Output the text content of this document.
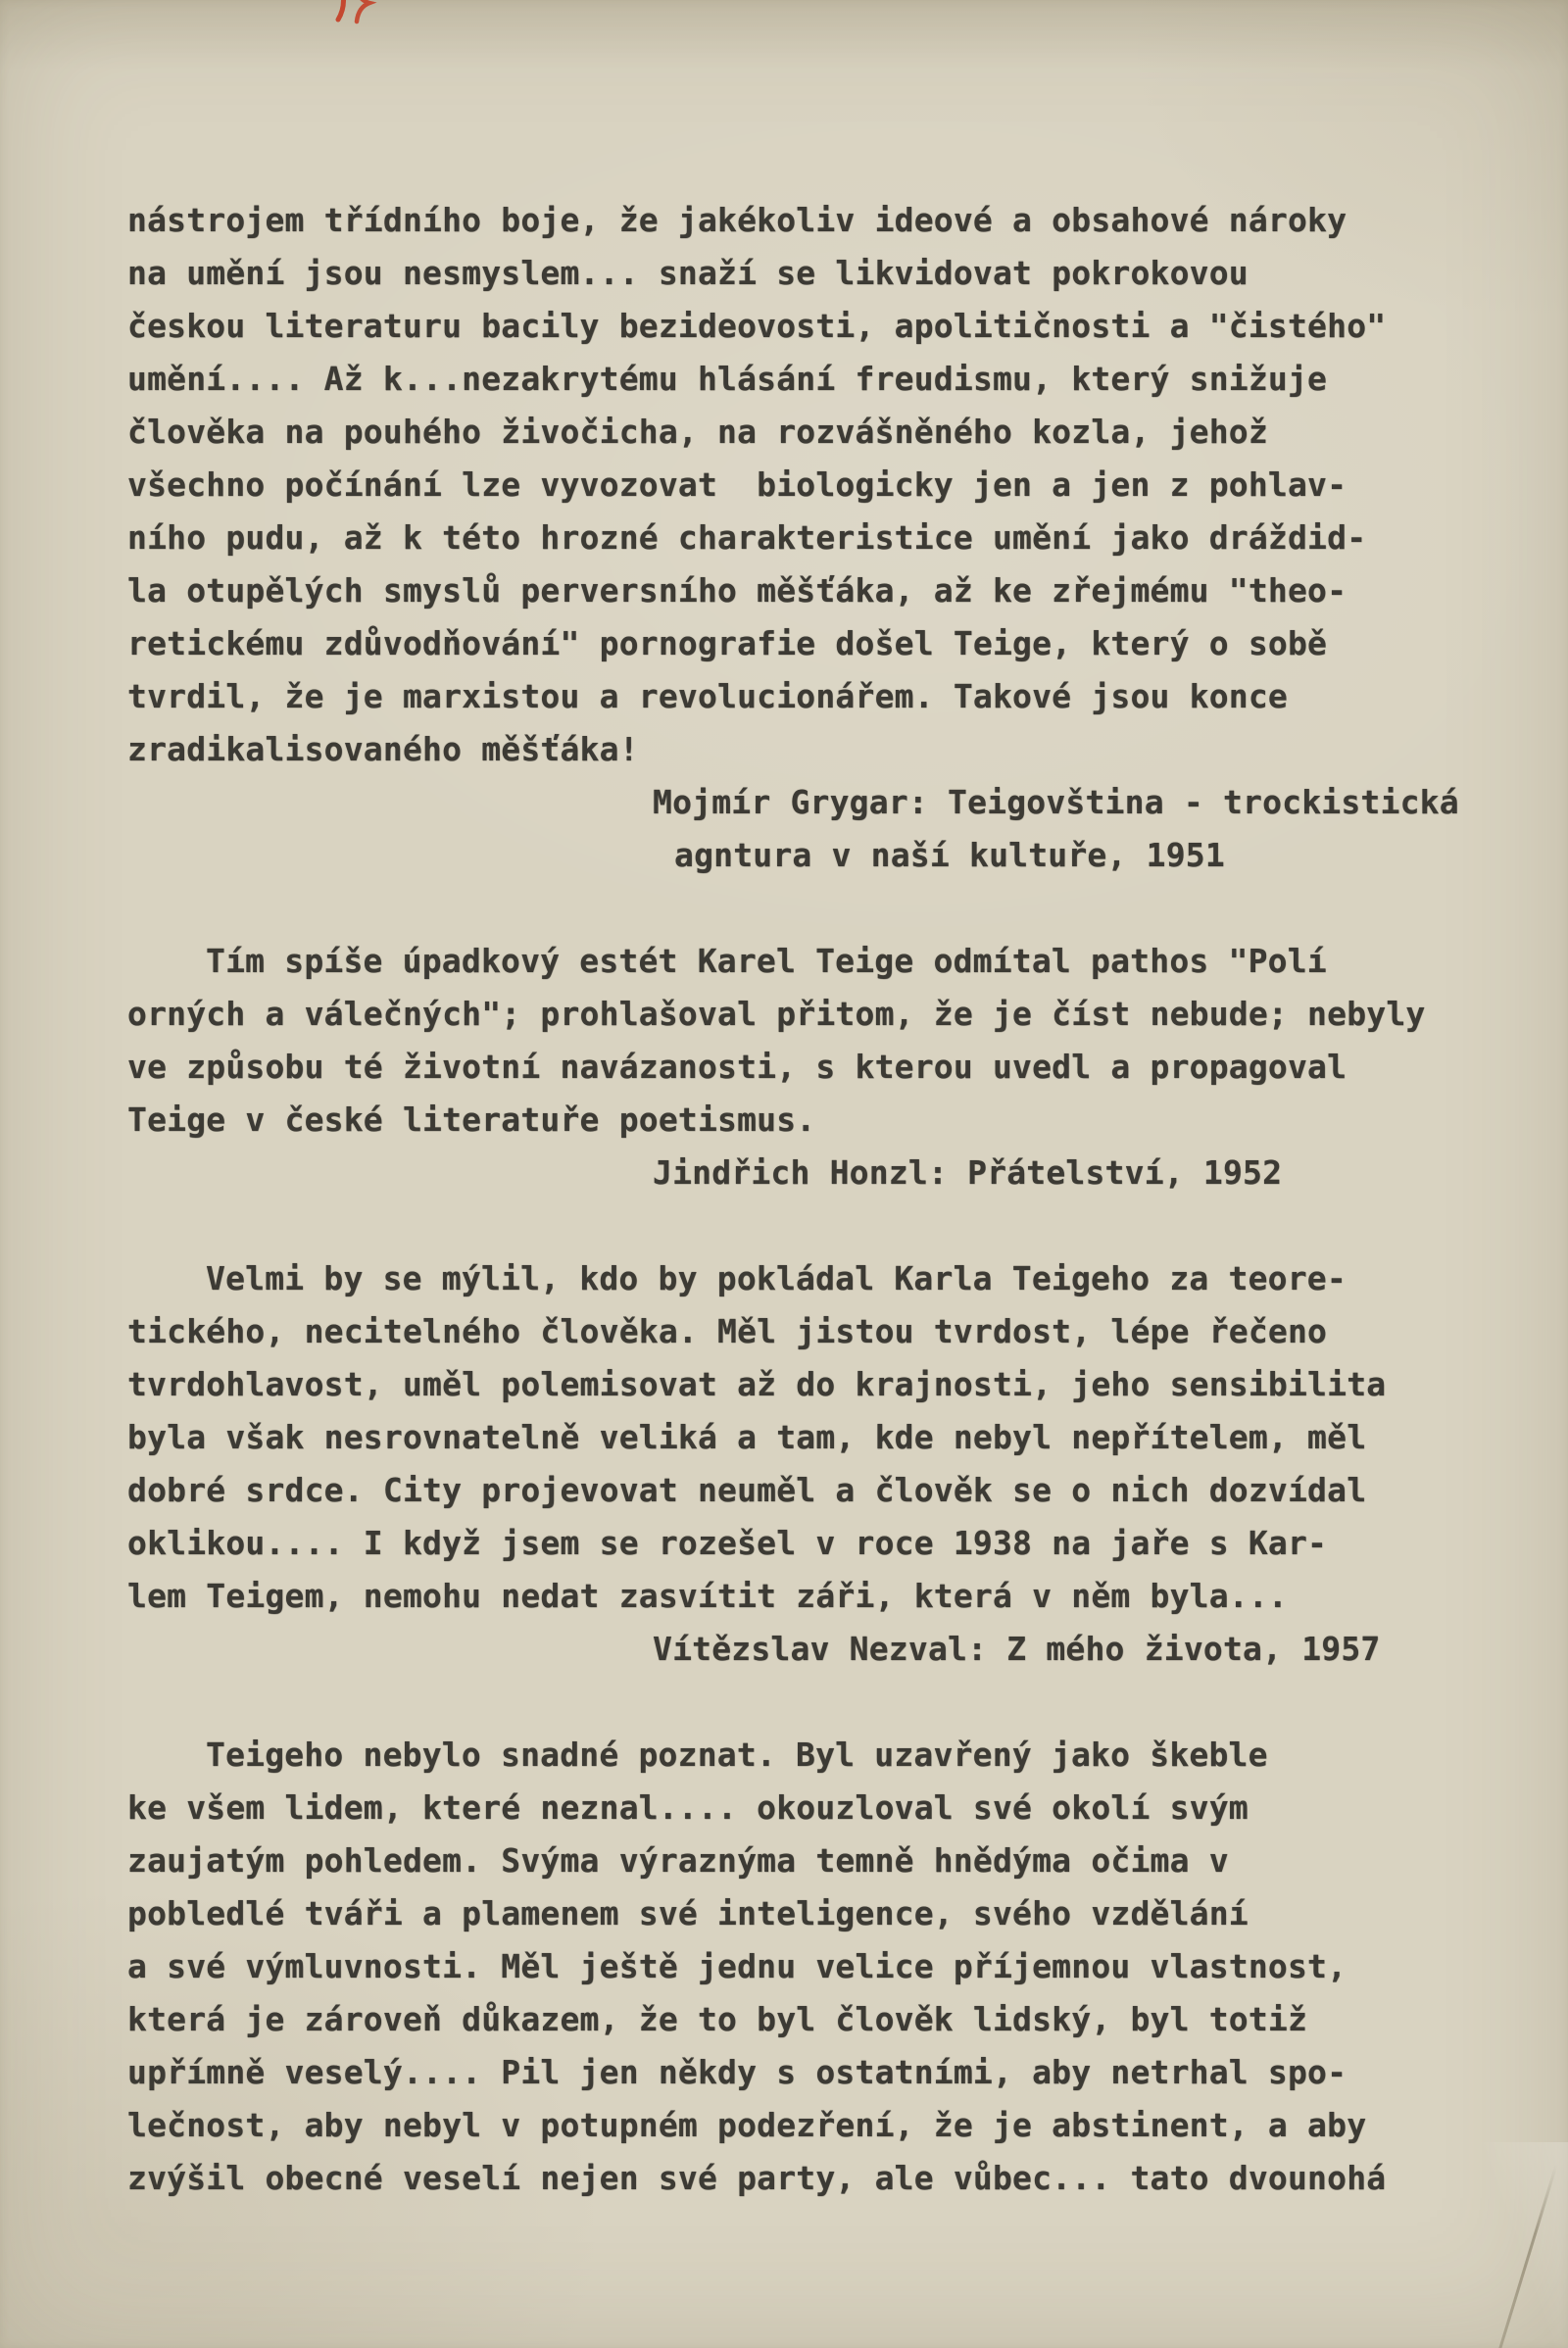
nástrojem třídního boje, že jakékoliv ideové a obsahové nároky
na umění jsou nesmyslem... snaží se likvidovat pokrokovou
českou literaturu bacily bezideovosti, apolitičnosti a "čistého"
umění.... Až k...nezakrytému hlásání freudismu, který snižuje
člověka na pouhého živočicha, na rozvášněného kozla, jehož
všechno počínání lze vyvozovat  biologicky jen a jen z pohlav-
ního pudu, až k této hrozné charakteristice umění jako dráždid-
la otupělých smyslů perversního měšťáka, až ke zřejmému "theo-
retickému zdůvodňování" pornografie došel Teige, který o sobě
tvrdil, že je marxistou a revolucionářem. Takové jsou konce
zradikalisovaného měšťáka!
Mojmír Grygar: Teigovština - trockistická
agntura v naší kultuře, 1951
Tím spíše úpadkový estét Karel Teige odmítal pathos "Polí
orných a válečných"; prohlašoval přitom, že je číst nebude; nebyly
ve způsobu té životní navázanosti, s kterou uvedl a propagoval
Teige v české literatuře poetismus.
Jindřich Honzl: Přátelství, 1952
Velmi by se mýlil, kdo by pokládal Karla Teigeho za teore-
tického, necitelného člověka. Měl jistou tvrdost, lépe řečeno
tvrdohlavost, uměl polemisovat až do krajnosti, jeho sensibilita
byla však nesrovnatelně veliká a tam, kde nebyl nepřítelem, měl
dobré srdce. City projevovat neuměl a člověk se o nich dozvídal
oklikou.... I když jsem se rozešel v roce 1938 na jaře s Kar-
lem Teigem, nemohu nedat zasvítit záři, která v něm byla...
Vítězslav Nezval: Z mého života, 1957
Teigeho nebylo snadné poznat. Byl uzavřený jako škeble
ke všem lidem, které neznal.... okouzloval své okolí svým
zaujatým pohledem. Svýma výraznýma temně hnědýma očima v
pobledlé tváři a plamenem své inteligence, svého vzdělání
a své výmluvnosti. Měl ještě jednu velice příjemnou vlastnost,
která je zároveň důkazem, že to byl člověk lidský, byl totiž
upřímně veselý.... Pil jen někdy s ostatními, aby netrhal spo-
lečnost, aby nebyl v potupném podezření, že je abstinent, a aby
zvýšil obecné veselí nejen své party, ale vůbec... tato dvounohá
